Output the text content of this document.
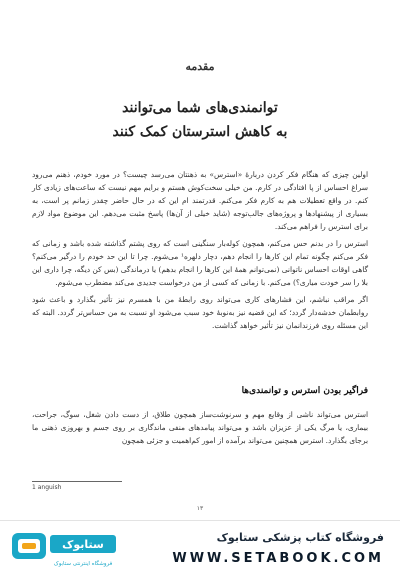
مقدمه
توانمندی‌های شما می‌توانند
به کاهش استرستان کمک کنند

اولین چیزی که هنگام فکر کردن دربارهٔ «استرس» به ذهنتان می‌رسد چیست؟ در مورد خودم، ذهنم می‌رود سراغ احساس از پا افتادگی در کارم. من خیلی سخت‌کوش هستم و برایم مهم نیست که ساعت‌های زیادی کار کنم. در واقع تعطیلات هم به کارم فکر می‌کنم. قدرتمند ام این که در حال حاضر چقدر زمانم پر است، به بسیاری از پیشنهادها و پروژه‌های جالب‌توجه (شاید خیلی از آن‌ها) پاسخ مثبت می‌دهم. این موضوع مواد لازم برای استرس را فراهم می‌کند.

استرس را در بدنم حس می‌کنم، همچون کوله‌بار سنگینی است که روی پشتم گذاشته شده باشد و زمانی که فکر می‌کنم چگونه تمام این کارها را انجام دهم، دچار دلهره¹ می‌شوم. چرا تا این حد خودم را درگیر می‌کنم؟ گاهی اوقات احساس ناتوانی (نمی‌توانم همهٔ این کارها را انجام بدهم) یا درماندگی (بس کن دیگه، چرا داری این بلا را سر خودت میاری؟) می‌کنم. با زمانی که کسی از من درخواست جدیدی می‌کند مضطرب می‌شوم.

اگر مراقب نباشم، این فشارهای کاری می‌تواند روی رابطهٔ من با همسرم نیز تأثیر بگذارد و باعث شود روابطمان خدشه‌دار گردد؛ که این قضیه نیز به‌نوبهٔ خود سبب می‌شود او نسبت به من حساس‌تر گردد. البته که این مسئله روی فرزندانمان نیز تأثیر خواهد گذاشت.

فراگیر بودن استرس و توانمندی‌ها

استرس می‌تواند ناشی از وقایع مهم و سرنوشت‌ساز همچون طلاق، از دست دادن شغل، سوگ، جراحت، بیماری، یا مرگ یکی از عزیزان باشد و می‌تواند پیامدهای منفی ماندگاری بر روی جسم و بهروزی ذهنی ما برجای بگذارد. استرس همچنین می‌تواند برآمده از امور کم‌اهمیت و جزئی همچون

1 anguish
۱۳
ستابوک
فروشگاه اینترنتی ستابوک
فروشگاه کتاب پزشکی ستابوک
WWW.SETABOOK.COM
